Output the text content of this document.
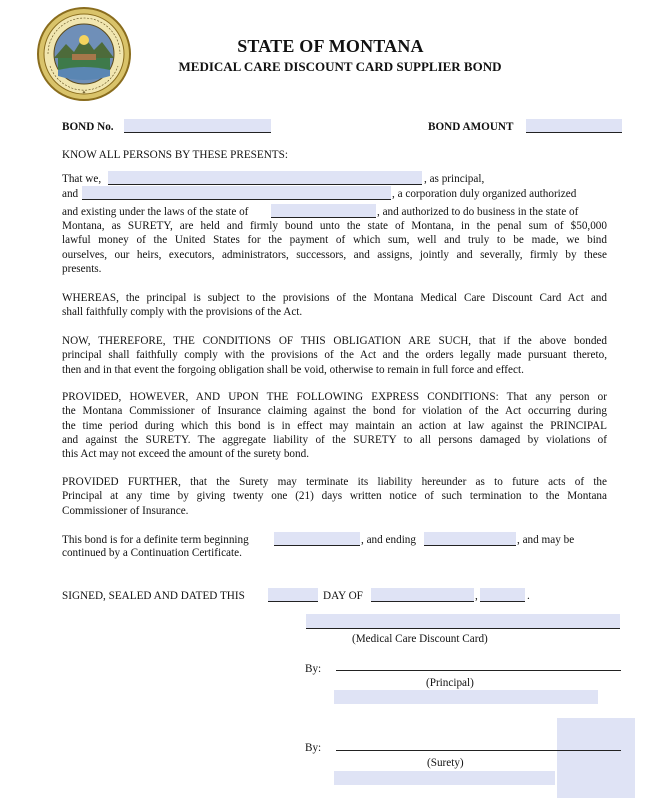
✦
STATE OF MONTANA
MEDICAL CARE DISCOUNT CARD SUPPLIER BOND
BOND No.	BOND AMOUNT
KNOW ALL PERSONS BY THESE PRESENTS:
That we,	, as principal,
and	, a corporation duly organized authorized
and existing under the laws of the state of	, and authorized to do business in the state of
Montana, as SURETY, are held and firmly bound unto the state of Montana, in the penal sum of $50,000
lawful money of the United States for the payment of which sum, well and truly to be made, we bind
ourselves, our heirs, executors, administrators, successors, and assigns, jointly and severally, firmly by these
presents.
WHEREAS, the principal is subject to the provisions of the Montana Medical Care Discount Card Act and
shall faithfully comply with the provisions of the Act.
NOW, THEREFORE, THE CONDITIONS OF THIS OBLIGATION ARE SUCH, that if the above bonded
principal shall faithfully comply with the provisions of the Act and the orders legally made pursuant thereto,
then and in that event the forgoing obligation shall be void, otherwise to remain in full force and effect.
PROVIDED, HOWEVER, AND UPON THE FOLLOWING EXPRESS CONDITIONS: That any person or
the Montana Commissioner of Insurance claiming against the bond for violation of the Act occurring during
the time period during which this bond is in effect may maintain an action at law against the PRINCIPAL
and against the SURETY. The aggregate liability of the SURETY to all persons damaged by violations of
this Act may not exceed the amount of the surety bond.
PROVIDED FURTHER, that the Surety may terminate its liability hereunder as to future acts of the
Principal at any time by giving twenty one (21) days written notice of such termination to the Montana
Commissioner of Insurance.
This bond is for a definite term beginning	, and ending	, and may be
continued by a Continuation Certificate.
SIGNED, SEALED AND DATED THIS	DAY OF	,	.
(Medical Care Discount Card)
By:
(Principal)
By:
(Surety)
